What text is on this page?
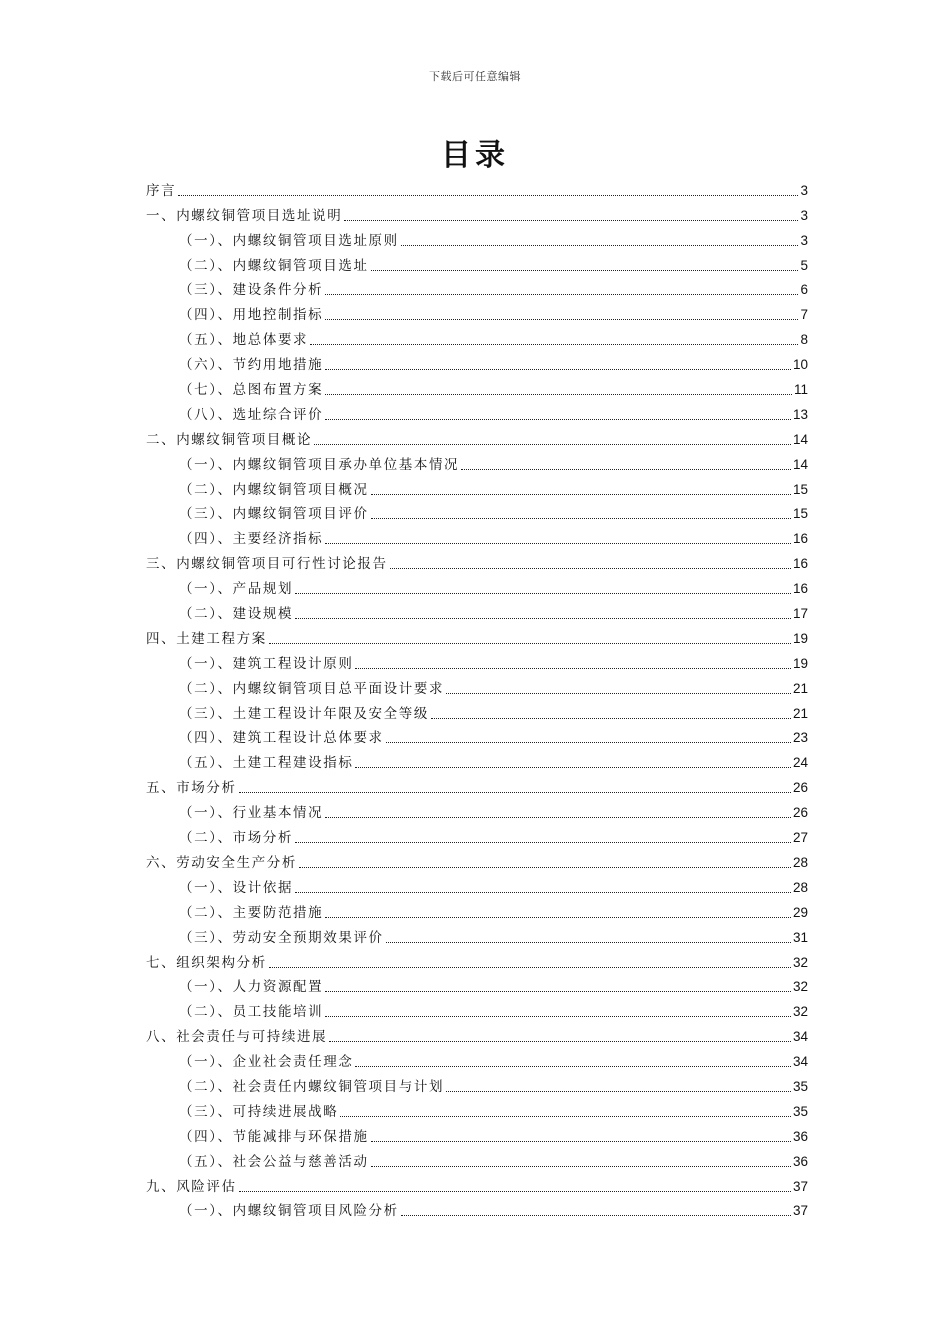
下载后可任意编辑
目录
序言	3
一、内螺纹铜管项目选址说明	3
（一）、内螺纹铜管项目选址原则	3
（二）、内螺纹铜管项目选址	5
（三）、建设条件分析	6
（四）、用地控制指标	7
（五）、地总体要求	8
（六）、节约用地措施	10
（七）、总图布置方案	11
（八）、选址综合评价	13
二、内螺纹铜管项目概论	14
（一）、内螺纹铜管项目承办单位基本情况	14
（二）、内螺纹铜管项目概况	15
（三）、内螺纹铜管项目评价	15
（四）、主要经济指标	16
三、内螺纹铜管项目可行性讨论报告	16
（一）、产品规划	16
（二）、建设规模	17
四、土建工程方案	19
（一）、建筑工程设计原则	19
（二）、内螺纹铜管项目总平面设计要求	21
（三）、土建工程设计年限及安全等级	21
（四）、建筑工程设计总体要求	23
（五）、土建工程建设指标	24
五、市场分析	26
（一）、行业基本情况	26
（二）、市场分析	27
六、劳动安全生产分析	28
（一）、设计依据	28
（二）、主要防范措施	29
（三）、劳动安全预期效果评价	31
七、组织架构分析	32
（一）、人力资源配置	32
（二）、员工技能培训	32
八、社会责任与可持续进展	34
（一）、企业社会责任理念	34
（二）、社会责任内螺纹铜管项目与计划	35
（三）、可持续进展战略	35
（四）、节能减排与环保措施	36
（五）、社会公益与慈善活动	36
九、风险评估	37
（一）、内螺纹铜管项目风险分析	37
